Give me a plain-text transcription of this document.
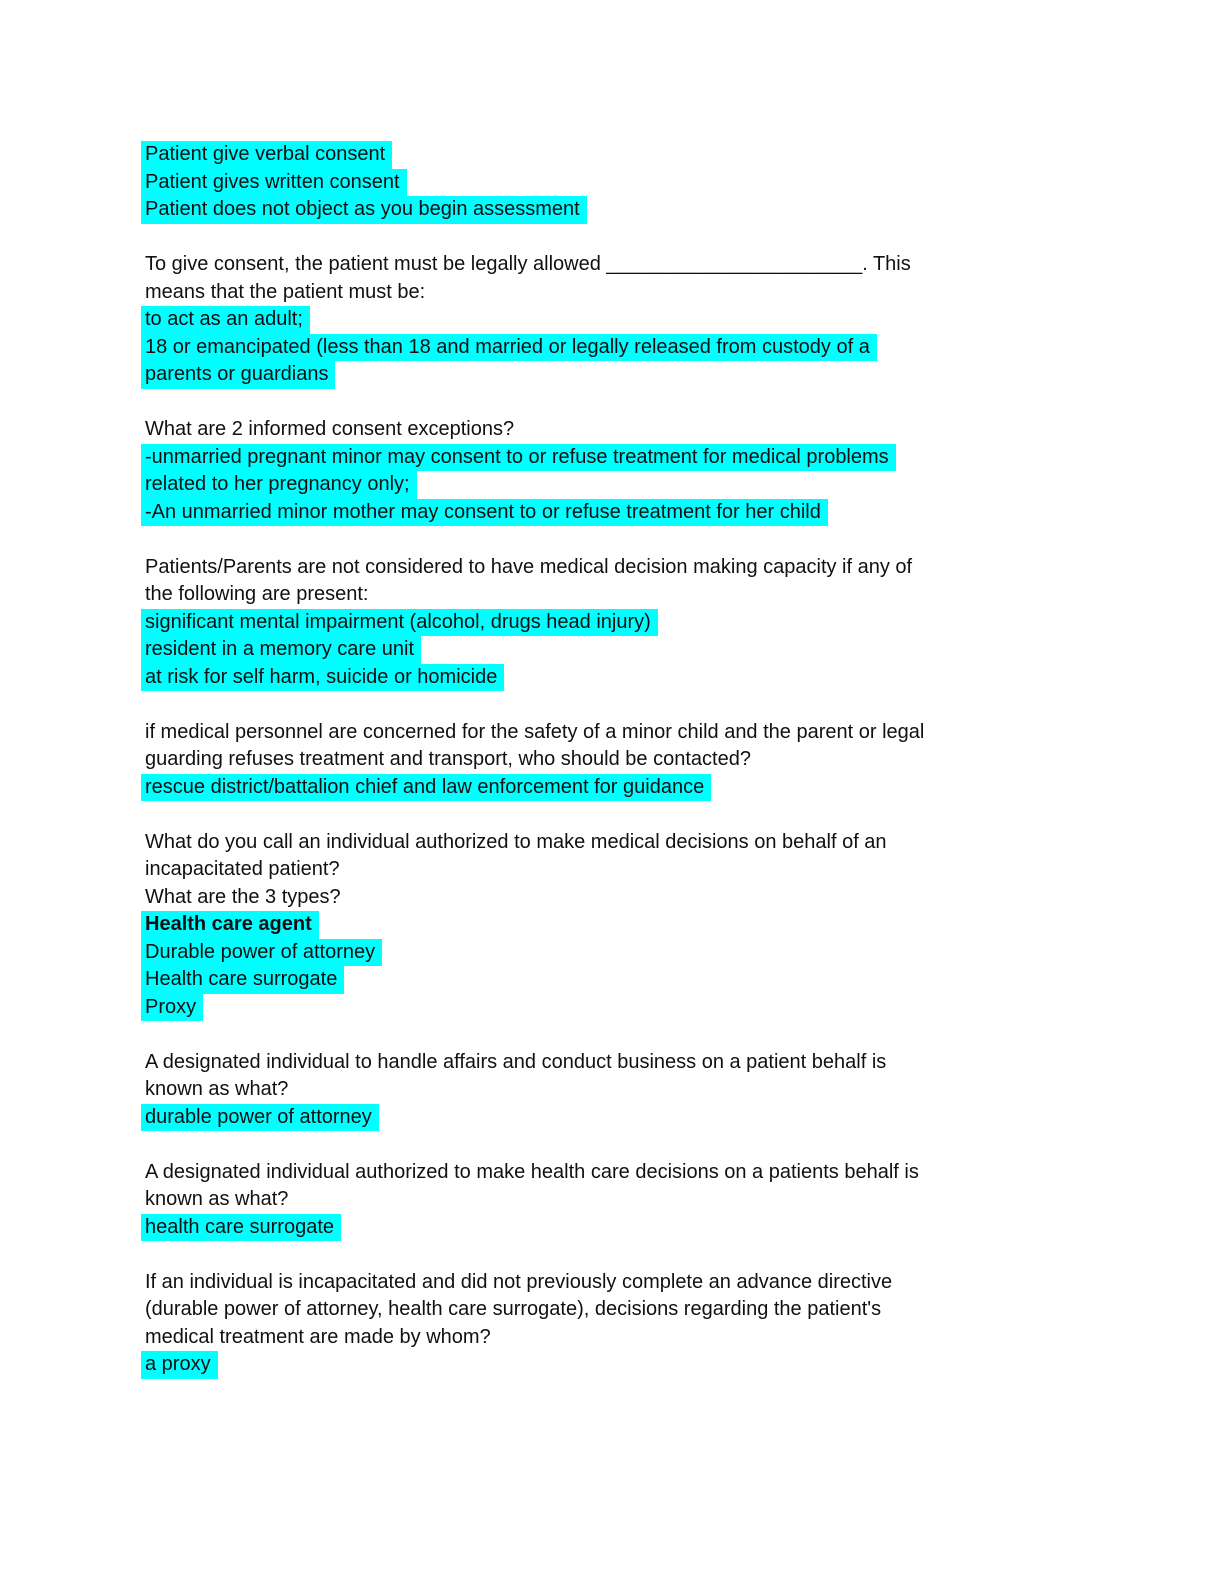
Patient give verbal consent
Patient gives written consent
Patient does not object as you begin assessment
To give consent, the patient must be legally allowed _______________________. This
means that the patient must be:
to act as an adult;
18 or emancipated (less than 18 and married or legally released from custody of a
parents or guardians
What are 2 informed consent exceptions?
-unmarried pregnant minor may consent to or refuse treatment for medical problems
related to her pregnancy only;
-An unmarried minor mother may consent to or refuse treatment for her child
Patients/Parents are not considered to have medical decision making capacity if any of
the following are present:
significant mental impairment (alcohol, drugs head injury)
resident in a memory care unit
at risk for self harm, suicide or homicide
if medical personnel are concerned for the safety of a minor child and the parent or legal
guarding refuses treatment and transport, who should be contacted?
rescue district/battalion chief and law enforcement for guidance
What do you call an individual authorized to make medical decisions on behalf of an
incapacitated patient?
What are the 3 types?
Health care agent
Durable power of attorney
Health care surrogate
Proxy
A designated individual to handle affairs and conduct business on a patient behalf is
known as what?
durable power of attorney
A designated individual authorized to make health care decisions on a patients behalf is
known as what?
health care surrogate
If an individual is incapacitated and did not previously complete an advance directive
(durable power of attorney, health care surrogate), decisions regarding the patient's
medical treatment are made by whom?
a proxy
